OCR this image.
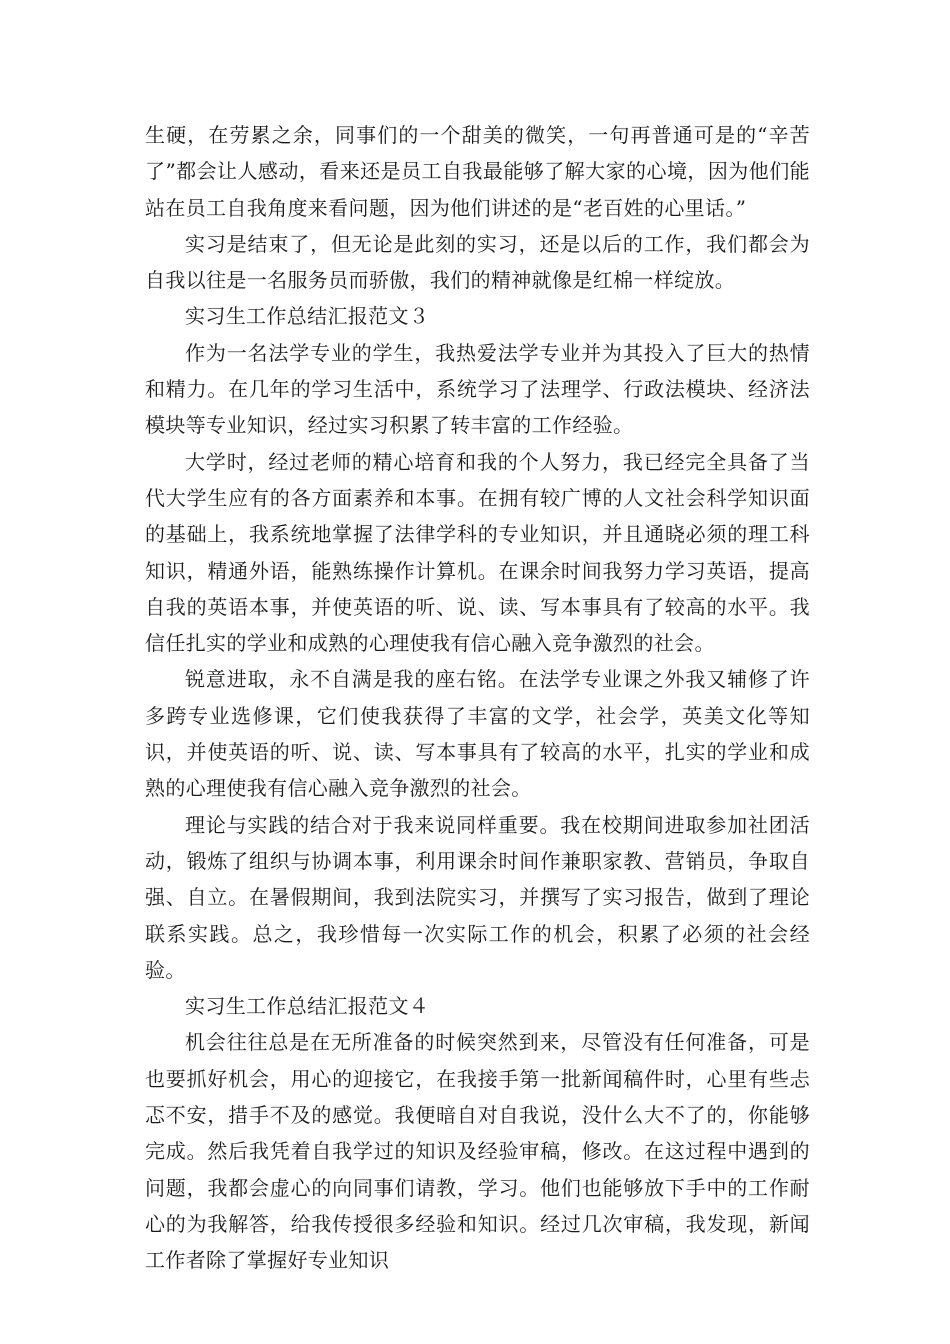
生硬，在劳累之余，同事们的一个甜美的微笑，一句再普通可是的“辛苦了”都会让人感动，看来还是员工自我最能够了解大家的心境，因为他们能站在员工自我角度来看问题，因为他们讲述的是“老百姓的心里话。”

实习是结束了，但无论是此刻的实习，还是以后的工作，我们都会为自我以往是一名服务员而骄傲，我们的精神就像是红棉一样绽放。

实习生工作总结汇报范文３

作为一名法学专业的学生，我热爱法学专业并为其投入了巨大的热情和精力。在几年的学习生活中，系统学习了法理学、行政法模块、经济法模块等专业知识，经过实习积累了转丰富的工作经验。

大学时，经过老师的精心培育和我的个人努力，我已经完全具备了当代大学生应有的各方面素养和本事。在拥有较广博的人文社会科学知识面的基础上，我系统地掌握了法律学科的专业知识，并且通晓必须的理工科知识，精通外语，能熟练操作计算机。在课余时间我努力学习英语，提高自我的英语本事，并使英语的听、说、读、写本事具有了较高的水平。我信任扎实的学业和成熟的心理使我有信心融入竞争激烈的社会。

锐意进取，永不自满是我的座右铭。在法学专业课之外我又辅修了许多跨专业选修课，它们使我获得了丰富的文学，社会学，英美文化等知识，并使英语的听、说、读、写本事具有了较高的水平，扎实的学业和成熟的心理使我有信心融入竞争激烈的社会。

理论与实践的结合对于我来说同样重要。我在校期间进取参加社团活动，锻炼了组织与协调本事，利用课余时间作兼职家教、营销员，争取自强、自立。在暑假期间，我到法院实习，并撰写了实习报告，做到了理论联系实践。总之，我珍惜每一次实际工作的机会，积累了必须的社会经验。

实习生工作总结汇报范文４

机会往往总是在无所准备的时候突然到来，尽管没有任何准备，可是也要抓好机会，用心的迎接它，在我接手第一批新闻稿件时，心里有些忐忑不安，措手不及的感觉。我便暗自对自我说，没什么大不了的，你能够完成。然后我凭着自我学过的知识及经验审稿，修改。在这过程中遇到的问题，我都会虚心的向同事们请教，学习。他们也能够放下手中的工作耐心的为我解答，给我传授很多经验和知识。经过几次审稿，我发现，新闻工作者除了掌握好专业知识
